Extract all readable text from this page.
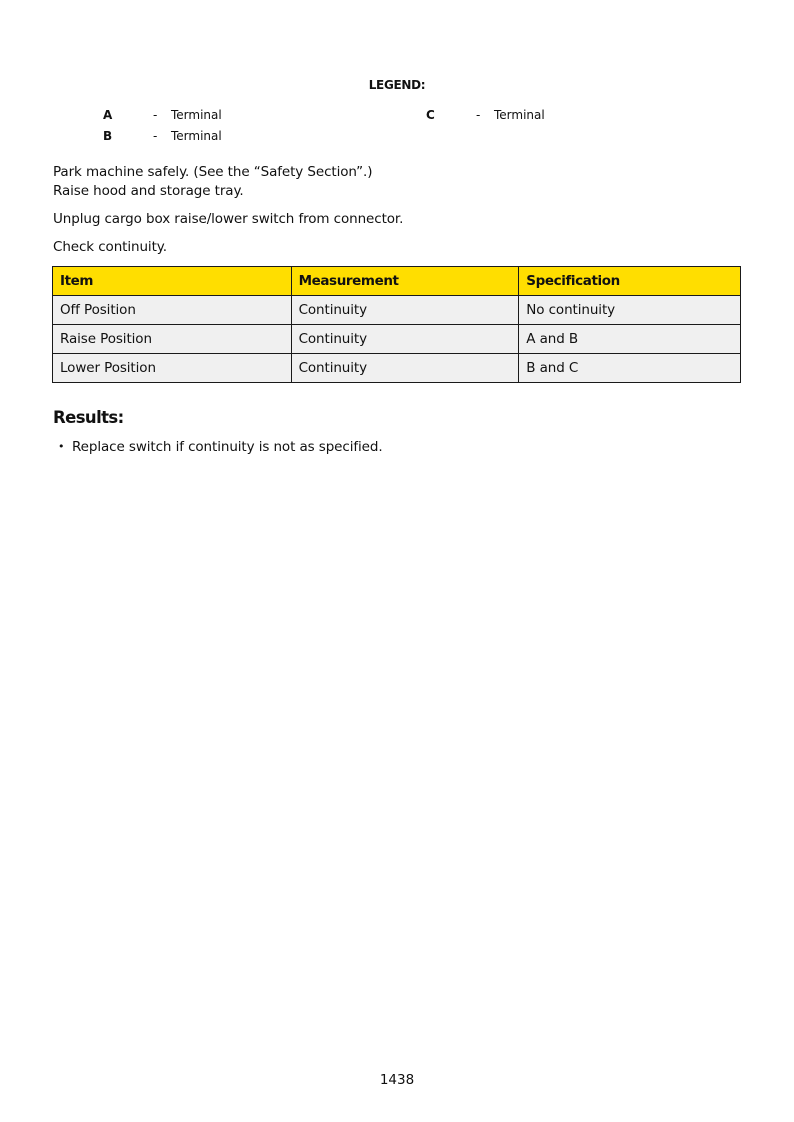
LEGEND:
A	- Terminal
B	- Terminal
C	- Terminal
Park machine safely. (See the “Safety Section”.)
Raise hood and storage tray.
Unplug cargo box raise/lower switch from connector.
Check continuity.
Item	Measurement	Specification
Off Position	Continuity	No continuity
Raise Position	Continuity	A and B
Lower Position	Continuity	B and C
Results:
• Replace switch if continuity is not as specified.
1438
